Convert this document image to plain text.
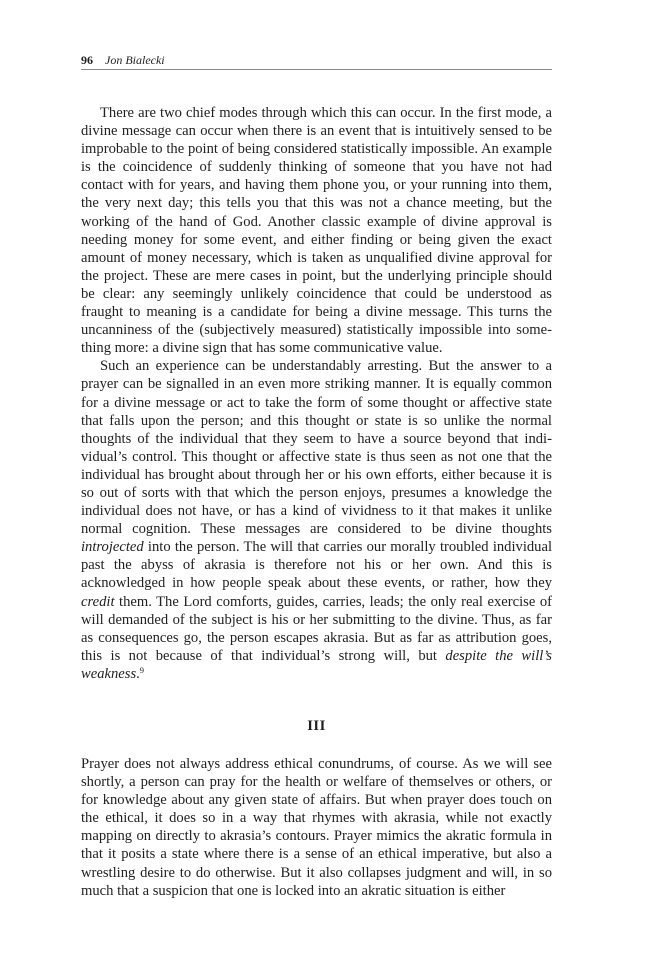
96 Jon Bialecki

There are two chief modes through which this can occur. In the first mode, a divine message can occur when there is an event that is intuitively sensed to be improbable to the point of being considered statistically impossible. An example is the coincidence of suddenly thinking of someone that you have not had contact with for years, and having them phone you, or your running into them, the very next day; this tells you that this was not a chance meeting, but the working of the hand of God. Another classic example of divine approval is needing money for some event, and either finding or being given the exact amount of money necessary, which is taken as unqualified divine approval for the project. These are mere cases in point, but the underlying principle should be clear: any seemingly unlikely coincidence that could be understood as fraught to meaning is a candidate for being a divine message. This turns the uncanniness of the (subjectively measured) statistically impossible into something more: a divine sign that has some communicative value.

Such an experience can be understandably arresting. But the answer to a prayer can be signalled in an even more striking manner. It is equally common for a divine message or act to take the form of some thought or affective state that falls upon the person; and this thought or state is so unlike the normal thoughts of the individual that they seem to have a source beyond that individual’s control. This thought or affective state is thus seen as not one that the individual has brought about through her or his own efforts, either because it is so out of sorts with that which the person enjoys, presumes a knowledge the individual does not have, or has a kind of vividness to it that makes it unlike normal cognition. These messages are considered to be divine thoughts introjected into the person. The will that carries our morally troubled individual past the abyss of akrasia is therefore not his or her own. And this is acknowledged in how people speak about these events, or rather, how they credit them. The Lord comforts, guides, carries, leads; the only real exercise of will demanded of the subject is his or her submitting to the divine. Thus, as far as consequences go, the person escapes akrasia. But as far as attribution goes, this is not because of that individual’s strong will, but despite the will’s weakness.$^9$

III

Prayer does not always address ethical conundrums, of course. As we will see shortly, a person can pray for the health or welfare of themselves or others, or for knowledge about any given state of affairs. But when prayer does touch on the ethical, it does so in a way that rhymes with akrasia, while not exactly mapping on directly to akrasia’s contours. Prayer mimics the akratic formula in that it posits a state where there is a sense of an ethical imperative, but also a wrestling desire to do otherwise. But it also collapses judgment and will, in so much that a suspicion that one is locked into an akratic situation is either
